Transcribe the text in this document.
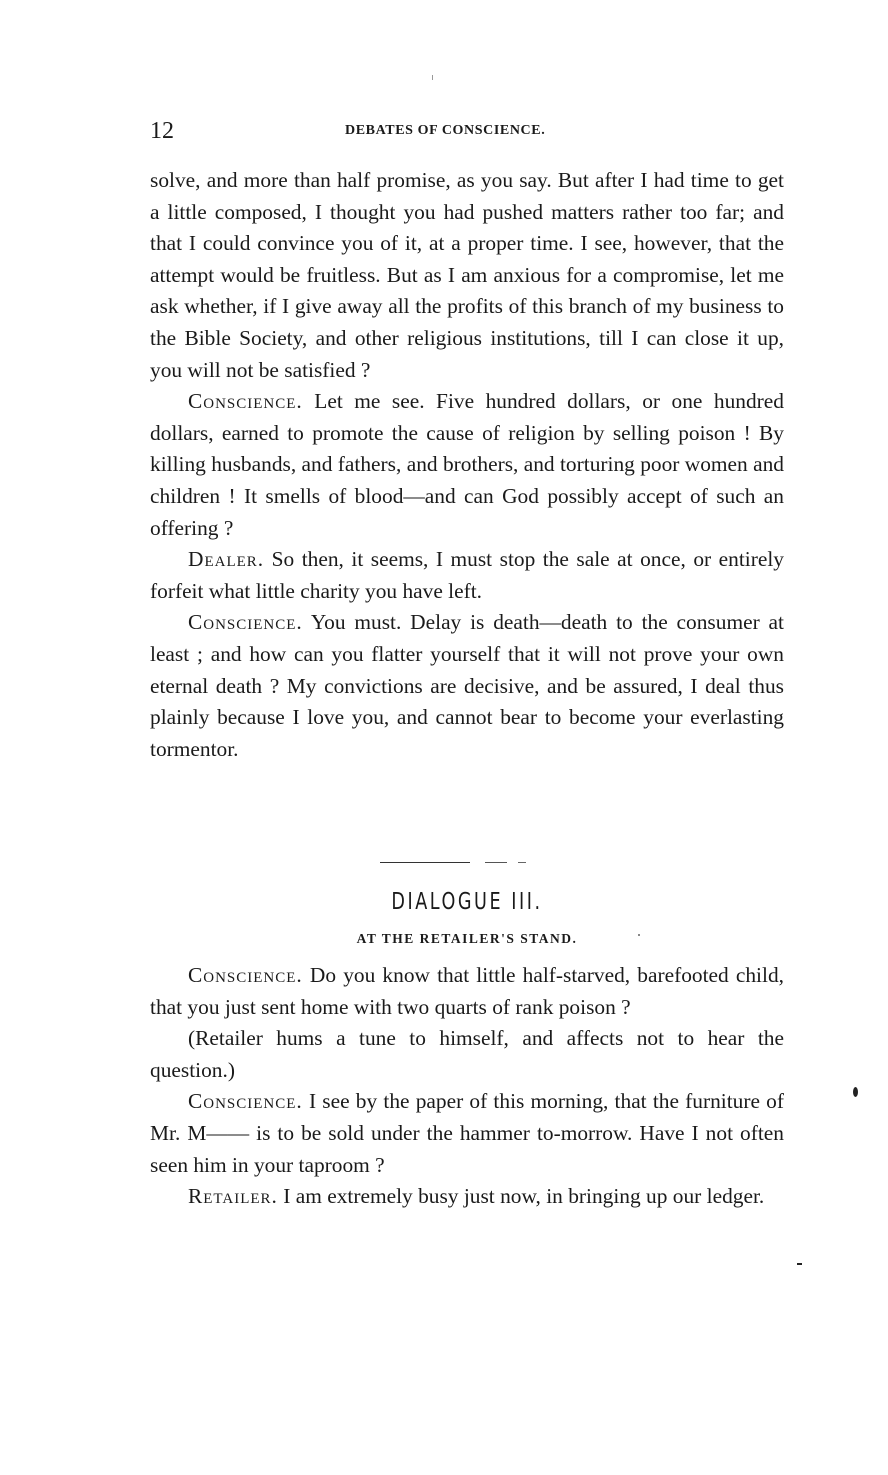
12	DEBATES OF CONSCIENCE.

solve, and more than half promise, as you say. But after I had time to get a little composed, I thought you had pushed matters rather too far; and that I could convince you of it, at a proper time. I see, however, that the attempt would be fruitless. But as I am anxious for a compromise, let me ask whether, if I give away all the profits of this branch of my business to the Bible Society, and other religious institutions, till I can close it up, you will not be satisfied ?

Conscience. Let me see. Five hundred dollars, or one hundred dollars, earned to promote the cause of religion by selling poison ! By killing husbands, and fathers, and brothers, and torturing poor women and children ! It smells of blood—and can God possibly accept of such an offering ?

Dealer. So then, it seems, I must stop the sale at once, or entirely forfeit what little charity you have left.

Conscience. You must. Delay is death—death to the consumer at least ; and how can you flatter yourself that it will not prove your own eternal death ? My convictions are decisive, and be assured, I deal thus plainly because I love you, and cannot bear to become your everlasting tormentor.

DIALOGUE III.
AT THE RETAILER'S STAND.

Conscience. Do you know that little half-starved, barefooted child, that you just sent home with two quarts of rank poison ?

(Retailer hums a tune to himself, and affects not to hear the question.)

Conscience. I see by the paper of this morning, that the furniture of Mr. M—— is to be sold under the hammer to-morrow. Have I not often seen him in your taproom ?

Retailer. I am extremely busy just now, in bringing up our ledger.
